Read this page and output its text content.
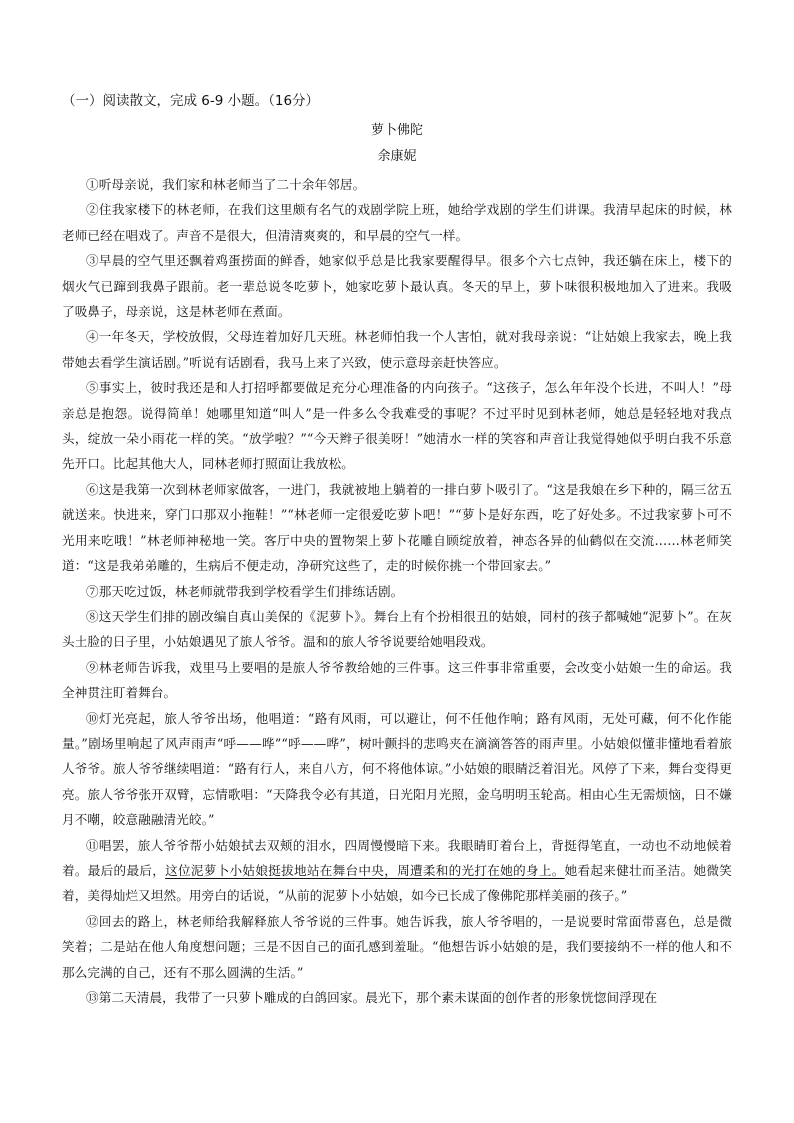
（一）阅读散文，完成 6-9 小题。（16分）
萝卜佛陀
余康妮

①听母亲说，我们家和林老师当了二十余年邻居。

②住我家楼下的林老师，在我们这里颇有名气的戏剧学院上班，她给学戏剧的学生们讲课。我清早起床的时候，林老师已经在唱戏了。声音不是很大，但清清爽爽的，和早晨的空气一样。

③早晨的空气里还飘着鸡蛋捞面的鲜香，她家似乎总是比我家要醒得早。很多个六七点钟，我还躺在床上，楼下的烟火气已蹿到我鼻子跟前。老一辈总说冬吃萝卜，她家吃萝卜最认真。冬天的早上，萝卜味很积极地加入了进来。我吸了吸鼻子，母亲说，这是林老师在煮面。

④一年冬天，学校放假，父母连着加好几天班。林老师怕我一个人害怕，就对我母亲说：“让姑娘上我家去，晚上我带她去看学生演话剧。”听说有话剧看，我马上来了兴致，使示意母亲赶快答应。

⑤事实上，彼时我还是和人打招呼都要做足充分心理准备的内向孩子。“这孩子，怎么年年没个长进，不叫人！”母亲总是抱怨。说得简单！她哪里知道“叫人”是一件多么令我难受的事呢？不过平时见到林老师，她总是轻轻地对我点头，绽放一朵小雨花一样的笑。“放学啦？”“今天辫子很美呀！”她清水一样的笑容和声音让我觉得她似乎明白我不乐意先开口。比起其他大人，同林老师打照面让我放松。

⑥这是我第一次到林老师家做客，一进门，我就被地上躺着的一排白萝卜吸引了。“这是我娘在乡下种的，隔三岔五就送来。快进来，穿门口那双小拖鞋！”“林老师一定很爱吃萝卜吧！”“萝卜是好东西，吃了好处多。不过我家萝卜可不光用来吃哦！”林老师神秘地一笑。客厅中央的置物架上萝卜花雕自顾绽放着，神态各异的仙鹤似在交流……林老师笑道：“这是我弟弟雕的，生病后不便走动，净研究这些了，走的时候你挑一个带回家去。”

⑦那天吃过饭，林老师就带我到学校看学生们排练话剧。

⑧这天学生们排的剧改编自真山美保的《泥萝卜》。舞台上有个扮相很丑的姑娘，同村的孩子都喊她“泥萝卜”。在灰头土脸的日子里，小姑娘遇见了旅人爷爷。温和的旅人爷爷说要给她唱段戏。

⑨林老师告诉我，戏里马上要唱的是旅人爷爷教给她的三件事。这三件事非常重要，会改变小姑娘一生的命运。我全神贯注盯着舞台。

⑩灯光亮起，旅人爷爷出场，他唱道：“路有风雨，可以避让，何不任他作响；路有风雨，无处可藏，何不化作能量。”剧场里响起了风声雨声“呼——哗”“呼——哗”，树叶颤抖的悲鸣夹在滴滴答答的雨声里。小姑娘似懂非懂地看着旅人爷爷。旅人爷爷继续唱道：“路有行人，来自八方，何不将他体谅。”小姑娘的眼睛泛着泪光。风停了下来，舞台变得更亮。旅人爷爷张开双臂，忘情歌唱：“天降我令必有其道，日光阳月光照，金乌明明玉轮高。相由心生无需烦恼，日不嫌月不嘲，皎意融融清光皎。”

⑪唱罢，旅人爷爷帮小姑娘拭去双颊的泪水，四周慢慢暗下来。我眼睛盯着台上，背挺得笔直，一动也不动地候着着。最后的最后，这位泥萝卜小姑娘挺拔地站在舞台中央，周遭柔和的光打在她的身上。她看起来健壮而圣洁。她微笑着，美得灿烂又坦然。用旁白的话说，“从前的泥萝卜小姑娘，如今已长成了像佛陀那样美丽的孩子。”

⑫回去的路上，林老师给我解释旅人爷爷说的三件事。她告诉我，旅人爷爷唱的，一是说要时常面带喜色，总是微笑着；二是站在他人角度想问题；三是不因自己的面孔感到羞耻。“他想告诉小姑娘的是，我们要接纳不一样的他人和不那么完满的自己，还有不那么圆满的生活。”

⑬第二天清晨，我带了一只萝卜雕成的白鸽回家。晨光下，那个素未谋面的创作者的形象恍惚间浮现在
